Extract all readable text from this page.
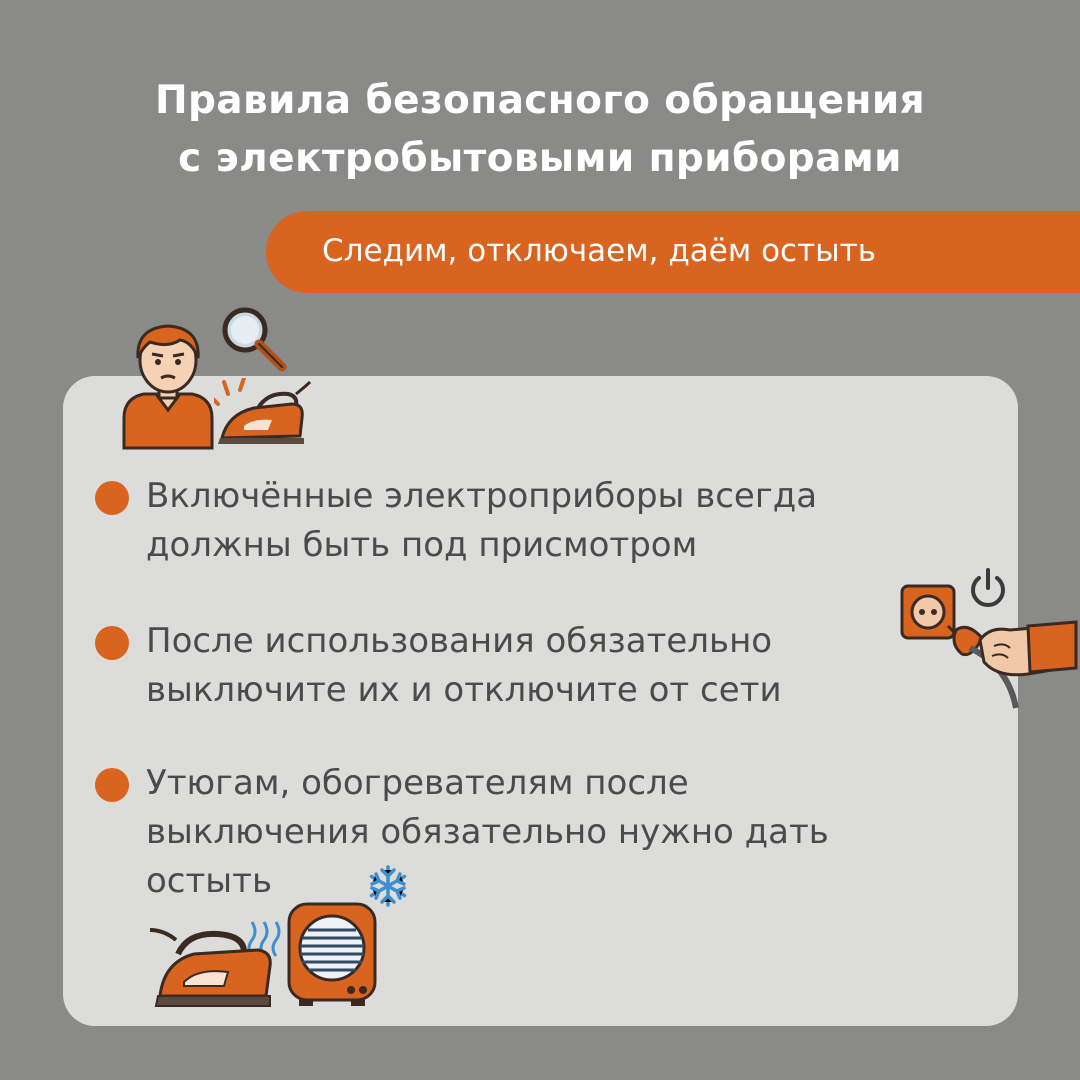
Правила безопасного обращения
с электробытовыми приборами
Следим, отключаем, даём остыть
Включённые электроприборы всегда
должны быть под присмотром
После использования обязательно
выключите их и отключите от сети
Утюгам, обогревателям после
выключения обязательно нужно дать
остыть
